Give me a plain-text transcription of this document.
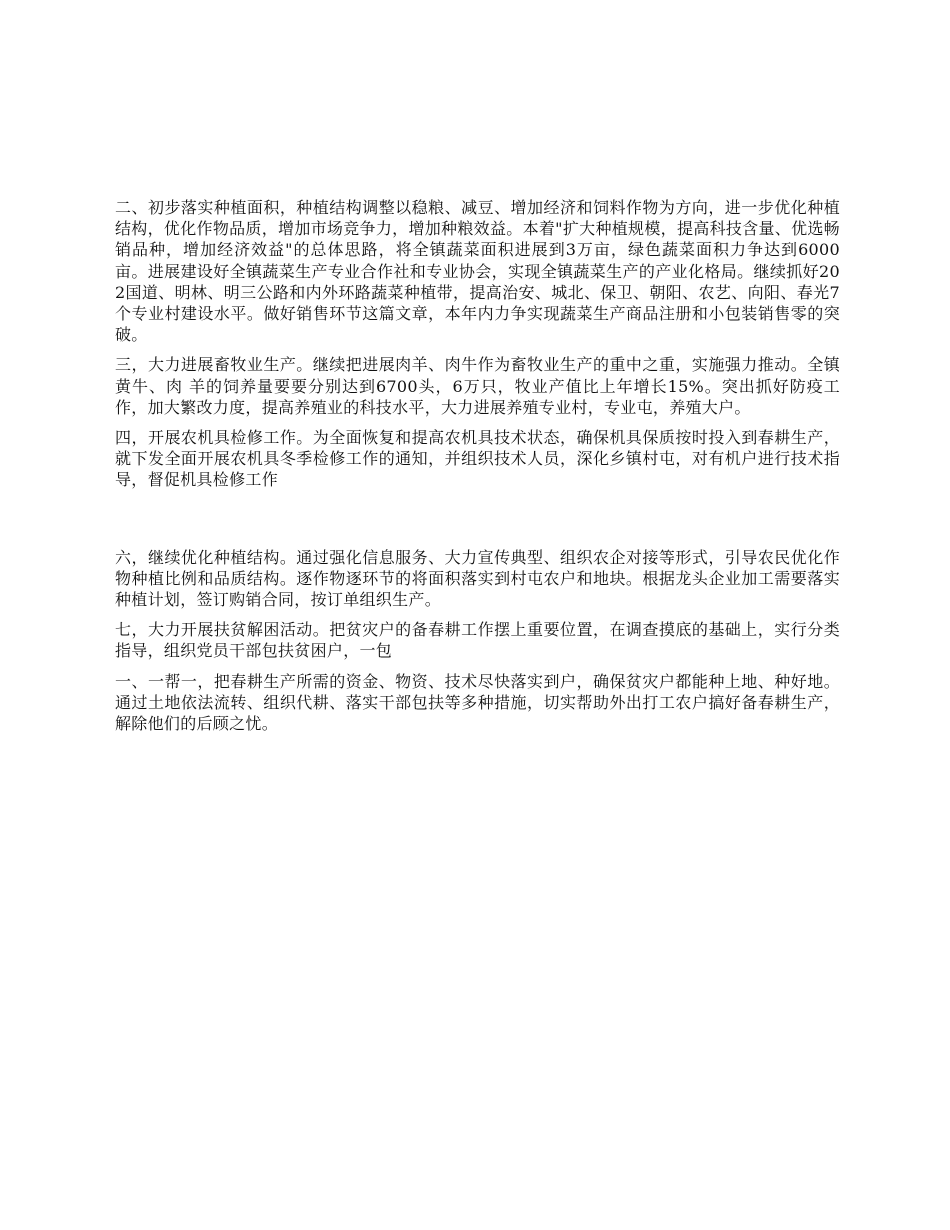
二、初步落实种植面积，种植结构调整以稳粮、减豆、增加经济和饲料作物为方向，进一步优化种植结构，优化作物品质，增加市场竞争力，增加种粮效益。本着"扩大种植规模，提高科技含量、优选畅销品种，增加经济效益"的总体思路，将全镇蔬菜面积进展到3万亩，绿色蔬菜面积力争达到6000亩。进展建设好全镇蔬菜生产专业合作社和专业协会，实现全镇蔬菜生产的产业化格局。继续抓好202国道、明林、明三公路和内外环路蔬菜种植带，提高治安、城北、保卫、朝阳、农艺、向阳、春光7个专业村建设水平。做好销售环节这篇文章，本年内力争实现蔬菜生产商品注册和小包装销售零的突破。

三，大力进展畜牧业生产。继续把进展肉羊、肉牛作为畜牧业生产的重中之重，实施强力推动。全镇黄牛、肉 羊的饲养量要要分别达到6700头，6万只，牧业产值比上年增长15%。突出抓好防疫工作，加大繁改力度，提高养殖业的科技水平，大力进展养殖专业村，专业屯，养殖大户。

四，开展农机具检修工作。为全面恢复和提高农机具技术状态，确保机具保质按时投入到春耕生产，就下发全面开展农机具冬季检修工作的通知，并组织技术人员，深化乡镇村屯，对有机户进行技术指导，督促机具检修工作

六，继续优化种植结构。通过强化信息服务、大力宣传典型、组织农企对接等形式，引导农民优化作物种植比例和品质结构。逐作物逐环节的将面积落实到村屯农户和地块。根据龙头企业加工需要落实种植计划，签订购销合同，按订单组织生产。

七，大力开展扶贫解困活动。把贫灾户的备春耕工作摆上重要位置，在调查摸底的基础上，实行分类指导，组织党员干部包扶贫困户，一包

一、一帮一，把春耕生产所需的资金、物资、技术尽快落实到户，确保贫灾户都能种上地、种好地。通过土地依法流转、组织代耕、落实干部包扶等多种措施，切实帮助外出打工农户搞好备春耕生产，解除他们的后顾之忧。
